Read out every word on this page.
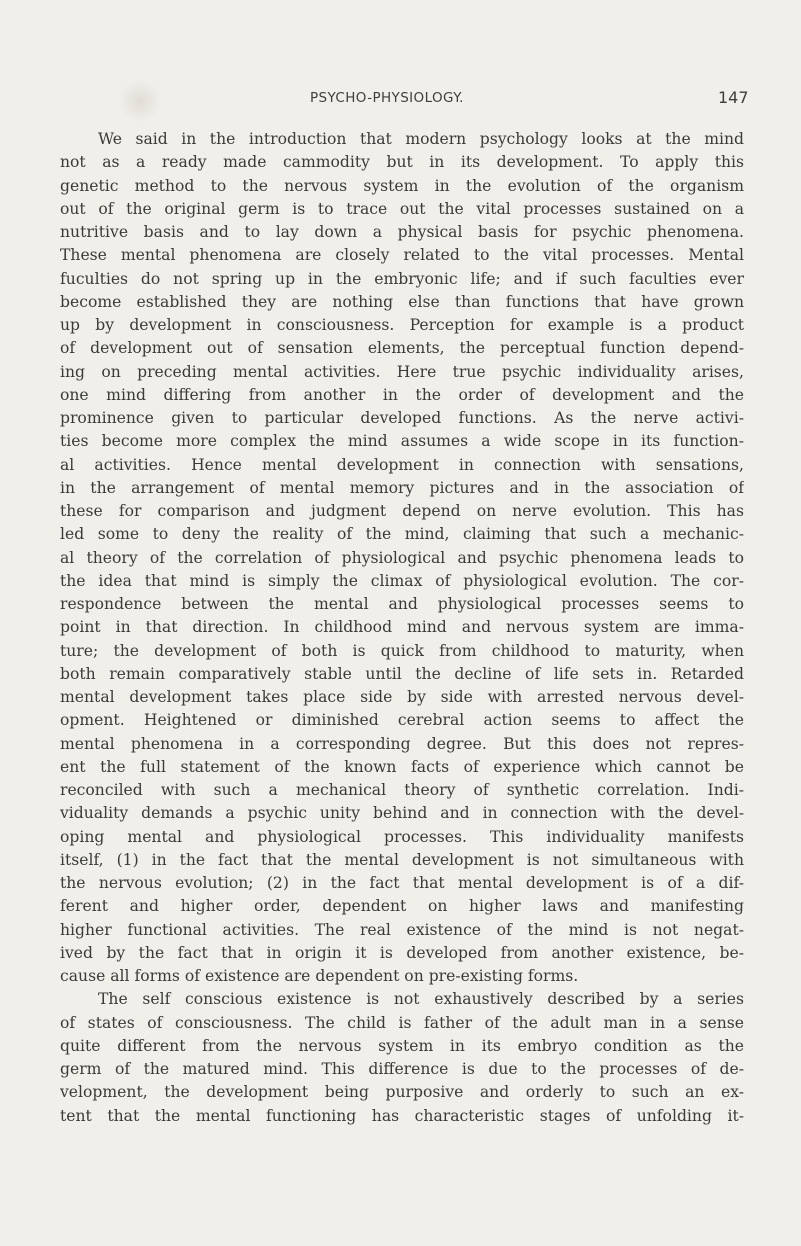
PSYCHO-PHYSIOLOGY.	147
We said in the introduction that modern psychology looks at the mind
not as a ready made cammodity but in its development. To apply this
genetic method to the nervous system in the evolution of the organism
out of the original germ is to trace out the vital processes sustained on a
nutritive basis and to lay down a physical basis for psychic phenomena.
These mental phenomena are closely related to the vital processes. Mental
fuculties do not spring up in the embryonic life; and if such faculties ever
become established they are nothing else than functions that have grown
up by development in consciousness. Perception for example is a product
of development out of sensation elements, the perceptual function depend-
ing on preceding mental activities. Here true psychic individuality arises,
one mind differing from another in the order of development and the
prominence given to particular developed functions. As the nerve activi-
ties become more complex the mind assumes a wide scope in its function-
al activities. Hence mental development in connection with sensations,
in the arrangement of mental memory pictures and in the association of
these for comparison and judgment depend on nerve evolution. This has
led some to deny the reality of the mind, claiming that such a mechanic-
al theory of the correlation of physiological and psychic phenomena leads to
the idea that mind is simply the climax of physiological evolution. The cor-
respondence between the mental and physiological processes seems to
point in that direction. In childhood mind and nervous system are imma-
ture; the development of both is quick from childhood to maturity, when
both remain comparatively stable until the decline of life sets in. Retarded
mental development takes place side by side with arrested nervous devel-
opment. Heightened or diminished cerebral action seems to affect the
mental phenomena in a corresponding degree. But this does not repres-
ent the full statement of the known facts of experience which cannot be
reconciled with such a mechanical theory of synthetic correlation. Indi-
viduality demands a psychic unity behind and in connection with the devel-
oping mental and physiological processes. This individuality manifests
itself, (1) in the fact that the mental development is not simultaneous with
the nervous evolution; (2) in the fact that mental development is of a dif-
ferent and higher order, dependent on higher laws and manifesting
higher functional activities. The real existence of the mind is not negat-
ived by the fact that in origin it is developed from another existence, be-
cause all forms of existence are dependent on pre-existing forms.
The self conscious existence is not exhaustively described by a series
of states of consciousness. The child is father of the adult man in a sense
quite different from the nervous system in its embryo condition as the
germ of the matured mind. This difference is due to the processes of de-
velopment, the development being purposive and orderly to such an ex-
tent that the mental functioning has characteristic stages of unfolding it-
